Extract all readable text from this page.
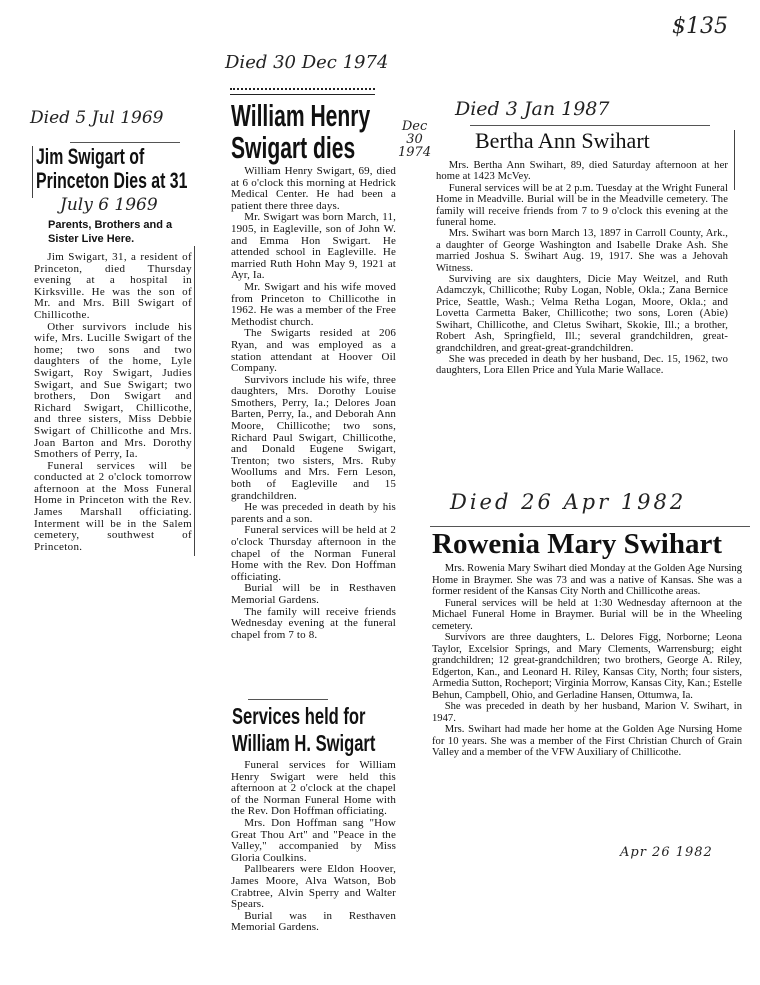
$135
Died 5 Jul 1969
Jim Swigart of
Princeton Dies at 31
July 6 1969
Parents, Brothers and a Sister Live Here.

Jim Swigart, 31, a resident of Princeton, died Thursday evening at a hospital in Kirksville. He was the son of Mr. and Mrs. Bill Swigart of Chillicothe.

Other survivors include his wife, Mrs. Lucille Swigart of the home; two sons and two daughters of the home, Lyle Swigart, Roy Swigart, Judies Swigart, and Sue Swigart; two brothers, Don Swigart and Richard Swigart, Chillicothe, and three sisters, Miss Debbie Swigart of Chillicothe and Mrs. Joan Barton and Mrs. Dorothy Smothers of Perry, Ia.

Funeral services will be conducted at 2 o'clock tomorrow afternoon at the Moss Funeral Home in Princeton with the Rev. James Marshall officiating. Interment will be in the Salem cemetery, southwest of Princeton.

Died 30 Dec 1974
William Henry
Swigart dies
Dec
30
1974

William Henry Swigart, 69, died at 6 o'clock this morning at Hedrick Medical Center. He had been a patient there three days.

Mr. Swigart was born March, 11, 1905, in Eagleville, son of John W. and Emma Hon Swigart. He attended school in Eagleville. He married Ruth Hohn May 9, 1921 at Ayr, Ia.

Mr. Swigart and his wife moved from Princeton to Chillicothe in 1962. He was a member of the Free Methodist church.

The Swigarts resided at 206 Ryan, and was employed as a station attendant at Hoover Oil Company.

Survivors include his wife, three daughters, Mrs. Dorothy Louise Smothers, Perry, Ia.; Delores Joan Barten, Perry, Ia., and Deborah Ann Moore, Chillicothe; two sons, Richard Paul Swigart, Chillicothe, and Donald Eugene Swigart, Trenton; two sisters, Mrs. Ruby Woollums and Mrs. Fern Leson, both of Eagleville and 15 grandchildren.

He was preceded in death by his parents and a son.

Funeral services will be held at 2 o'clock Thursday afternoon in the chapel of the Norman Funeral Home with the Rev. Don Hoffman officiating.

Burial will be in Resthaven Memorial Gardens.

The family will receive friends Wednesday evening at the funeral chapel from 7 to 8.

Services held for
William H. Swigart

Funeral services for William Henry Swigart were held this afternoon at 2 o'clock at the chapel of the Norman Funeral Home with the Rev. Don Hoffman officiating.

Mrs. Don Hoffman sang "How Great Thou Art" and "Peace in the Valley," accompanied by Miss Gloria Coulkins.

Pallbearers were Eldon Hoover, James Moore, Alva Watson, Bob Crabtree, Alvin Sperry and Walter Spears.

Burial was in Resthaven Memorial Gardens.

Died 3 Jan 1987
Bertha Ann Swihart

Mrs. Bertha Ann Swihart, 89, died Saturday afternoon at her home at 1423 McVey.

Funeral services will be at 2 p.m. Tuesday at the Wright Funeral Home in Meadville. Burial will be in the Meadville cemetery. The family will receive friends from 7 to 9 o'clock this evening at the funeral home.

Mrs. Swihart was born March 13, 1897 in Carroll County, Ark., a daughter of George Washington and Isabelle Drake Ash. She married Joshua S. Swihart Aug. 19, 1917. She was a Jehovah Witness.

Surviving are six daughters, Dicie May Weitzel, and Ruth Adamczyk, Chillicothe; Ruby Logan, Noble, Okla.; Zana Bernice Price, Seattle, Wash.; Velma Retha Logan, Moore, Okla.; and Lovetta Carmetta Baker, Chillicothe; two sons, Loren (Abie) Swihart, Chillicothe, and Cletus Swihart, Skokie, Ill.; a brother, Robert Ash, Springfield, Ill.; several grandchildren, great-grandchildren, and great-great-grandchildren.

She was preceded in death by her husband, Dec. 15, 1962, two daughters, Lora Ellen Price and Yula Marie Wallace.

Died 26 Apr 1982
Rowenia Mary Swihart

Mrs. Rowenia Mary Swihart died Monday at the Golden Age Nursing Home in Braymer. She was 73 and was a native of Kansas. She was a former resident of the Kansas City North and Chillicothe areas.

Funeral services will be held at 1:30 Wednesday afternoon at the Michael Funeral Home in Braymer. Burial will be in the Wheeling cemetery.

Survivors are three daughters, L. Delores Figg, Norborne; Leona Taylor, Excelsior Springs, and Mary Clements, Warrensburg; eight grandchildren; 12 great-grandchildren; two brothers, George A. Riley, Edgerton, Kan., and Leonard H. Riley, Kansas City, North; four sisters, Armedia Sutton, Rocheport; Virginia Morrow, Kansas City, Kan.; Estelle Behun, Campbell, Ohio, and Gerladine Hansen, Ottumwa, Ia.

She was preceded in death by her husband, Marion V. Swihart, in 1947.

Mrs. Swihart had made her home at the Golden Age Nursing Home for 10 years. She was a member of the First Christian Church of Grain Valley and a member of the VFW Auxiliary of Chillicothe.

Apr 26 1982
